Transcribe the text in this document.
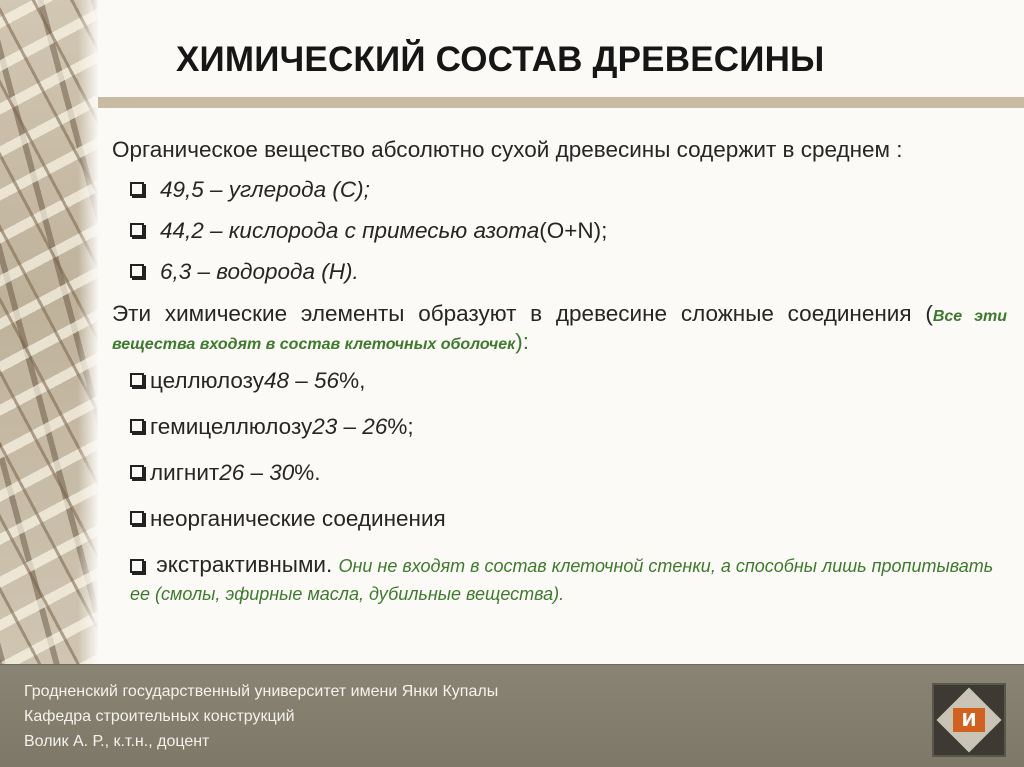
ХИМИЧЕСКИЙ СОСТАВ ДРЕВЕСИНЫ

Органическое вещество абсолютно сухой древесины содержит в среднем :

49,5 – углерода (С);
44,2 – кислорода с примесью азота (O+N);
6,3 – водорода (Н).

Эти химические элементы образуют в древесине сложные соединения (Все эти вещества входят в состав клеточных оболочек):

целлюлозу 48 – 56 %,
гемицеллюлозу 23 – 26 %;
лигнит 26 – 30 %.
неорганические соединения
экстрактивными. Они не входят в состав клеточной стенки, а способны лишь пропитывать ее (смолы, эфирные масла, дубильные вещества).
Гродненский государственный университет имени Янки Купалы
Кафедра строительных конструкций
Волик А. Р., к.т.н., доцент
И
